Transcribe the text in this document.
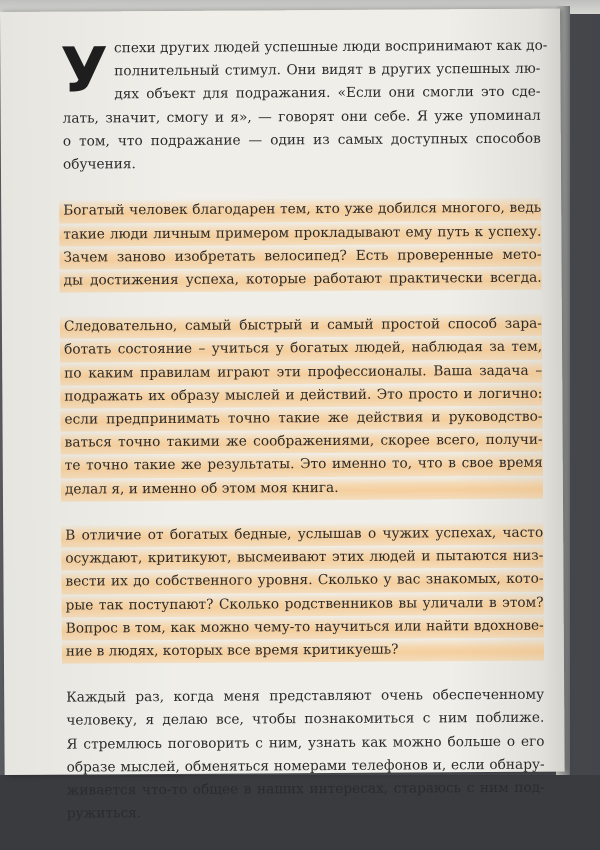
У спехи других людей успешные люди воспринимают как до-
полнительный стимул. Они видят в других успешных лю-
дях объект для подражания. «Если они смогли это сде-
лать, значит, смогу и я», — говорят они себе. Я уже упоминал
о том, что подражание — один из самых доступных способов
обучения.
Богатый человек благодарен тем, кто уже добился многого, ведь
такие люди личным примером прокладывают ему путь к успеху.
Зачем заново изобретать велосипед? Есть проверенные мето-
ды достижения успеха, которые работают практически всегда.
Следовательно, самый быстрый и самый простой способ зара-
ботать состояние – учиться у богатых людей, наблюдая за тем,
по каким правилам играют эти профессионалы. Ваша задача –
подражать их образу мыслей и действий. Это просто и логично:
если предпринимать точно такие же действия и руководство-
ваться точно такими же соображениями, скорее всего, получи-
те точно такие же результаты. Это именно то, что в свое время
делал я, и именно об этом моя книга.
В отличие от богатых бедные, услышав о чужих успехах, часто
осуждают, критикуют, высмеивают этих людей и пытаются низ-
вести их до собственного уровня. Сколько у вас знакомых, кото-
рые так поступают? Сколько родственников вы уличали в этом?
Вопрос в том, как можно чему-то научиться или найти вдохнове-
ние в людях, которых все время критикуешь?
Каждый раз, когда меня представляют очень обеспеченному
человеку, я делаю все, чтобы познакомиться с ним поближе.
Я стремлюсь поговорить с ним, узнать как можно больше о его
образе мыслей, обменяться номерами телефонов и, если обнару-
живается что-то общее в наших интересах, стараюсь с ним под-
ружиться.
